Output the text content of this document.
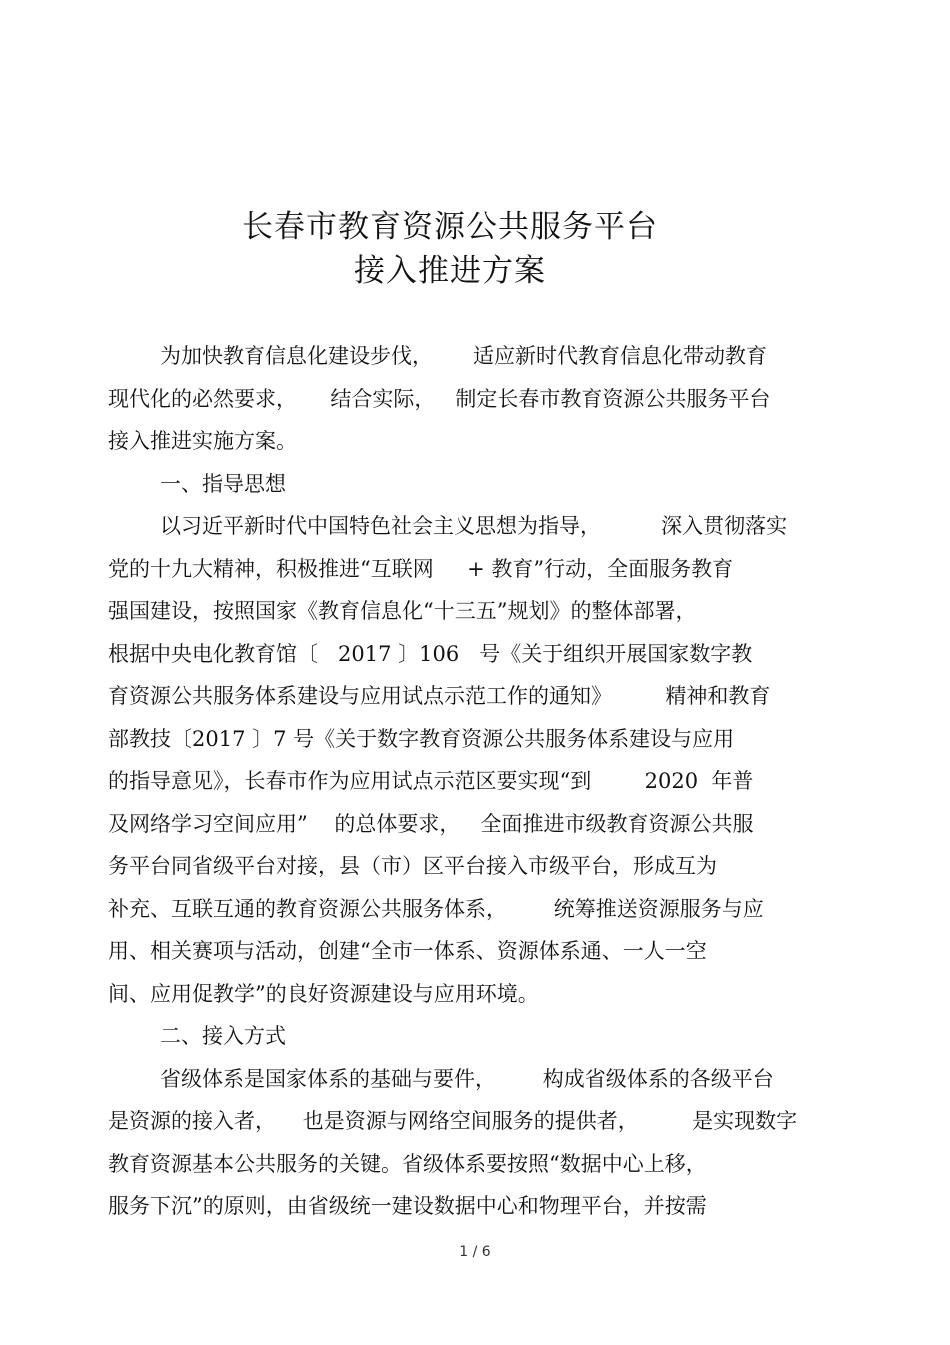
长春市教育资源公共服务平台
接入推进方案
为加快教育信息化建设步伐，      适应新时代教育信息化带动教育
现代化的必然要求，     结合实际，   制定长春市教育资源公共服务平台
接入推进实施方案。
一、指导思想
以习近平新时代中国特色社会主义思想为指导，         深入贯彻落实
党的十九大精神，积极推进“互联网     + 教育”行动，全面服务教育
强国建设，按照国家《教育信息化“十三五”规划》的整体部署，
根据中央电化教育馆〔   2017 〕106   号《关于组织开展国家数字教
育资源公共服务体系建设与应用试点示范工作的通知》        精神和教育
部教技〔2017 〕7 号《关于数字教育资源公共服务体系建设与应用
的指导意见》，长春市作为应用试点示范区要实现“到        2020  年普
及网络学习空间应用”    的总体要求，   全面推进市级教育资源公共服
务平台同省级平台对接，县（市）区平台接入市级平台，形成互为
补充、互联互通的教育资源公共服务体系，       统筹推送资源服务与应
用、相关赛项与活动，创建“全市一体系、资源体系通、一人一空
间、应用促教学”的良好资源建设与应用环境。
二、接入方式
省级体系是国家体系的基础与要件，       构成省级体系的各级平台
是资源的接入者，    也是资源与网络空间服务的提供者，        是实现数字
教育资源基本公共服务的关键。省级体系要按照“数据中心上移，
服务下沉”的原则，由省级统一建设数据中心和物理平台，并按需
1 / 6
